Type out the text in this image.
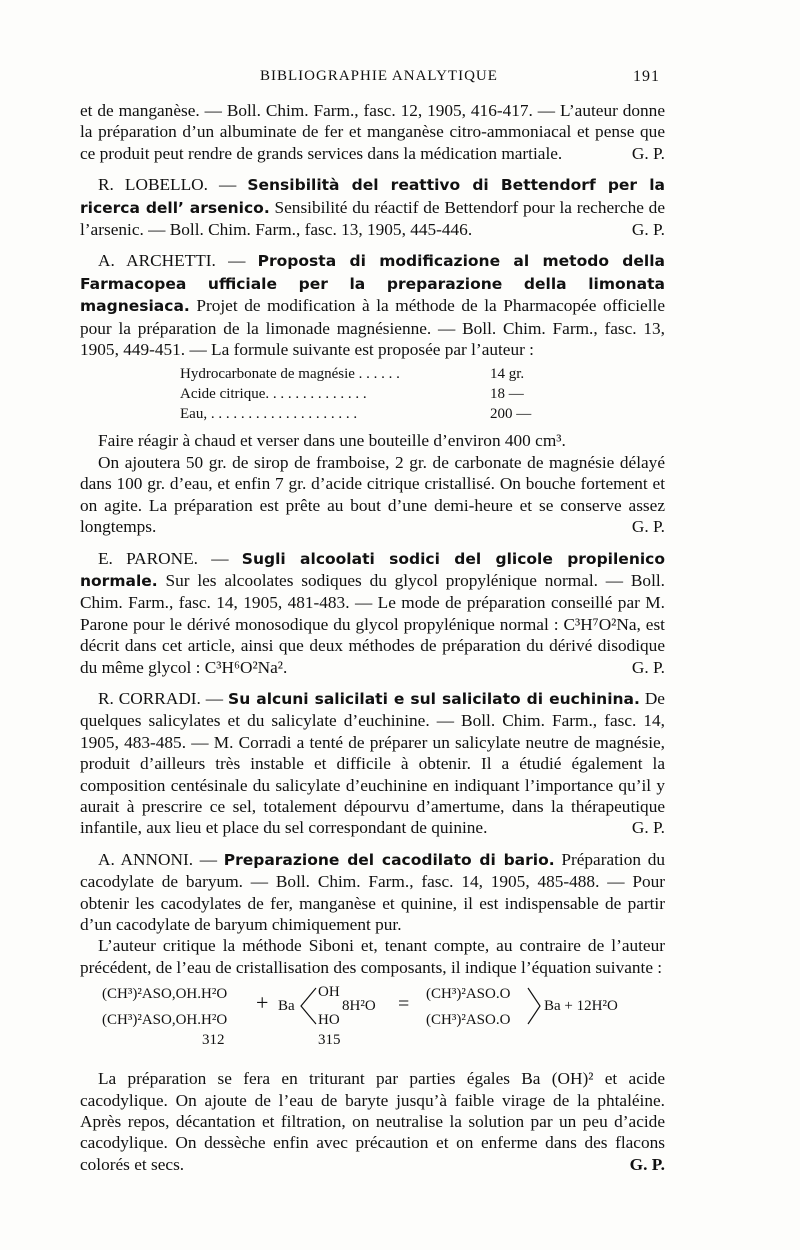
BIBLIOGRAPHIE ANALYTIQUE	191

et de manganèse. — Boll. Chim. Farm., fasc. 12, 1905, 416-417. — L’auteur donne la préparation d’un albuminate de fer et manganèse citro-ammoniacal et pense que ce produit peut rendre de grands services dans la médication martiale.	G. P.

R. LOBELLO. — Sensibilità del reattivo di Bettendorf per la ricerca dell’ arsenico. Sensibilité du réactif de Bettendorf pour la recherche de l’arsenic. — Boll. Chim. Farm., fasc. 13, 1905, 445-446.	G. P.

A. ARCHETTI. — Proposta di modificazione al metodo della Farmacopea ufficiale per la preparazione della limonata magnesiaca. Projet de modification à la méthode de la Pharmacopée officielle pour la préparation de la limonade magnésienne. — Boll. Chim. Farm., fasc. 13, 1905, 449-451. — La formule suivante est proposée par l’auteur :

Hydrocarbonate de magnésie . . . . . .	14 gr.
Acide citrique. . . . . . . . . . . . . .	18 —
Eau, . . . . . . . . . . . . . . . . . . . .	200 —

Faire réagir à chaud et verser dans une bouteille d’environ 400 cm³.

On ajoutera 50 gr. de sirop de framboise, 2 gr. de carbonate de magnésie délayé dans 100 gr. d’eau, et enfin 7 gr. d’acide citrique cristallisé. On bouche fortement et on agite. La préparation est prête au bout d’une demi-heure et se conserve assez longtemps.	G. P.

E. PARONE. — Sugli alcoolati sodici del glicole propilenico normale. Sur les alcoolates sodiques du glycol propylénique normal. — Boll. Chim. Farm., fasc. 14, 1905, 481-483. — Le mode de préparation conseillé par M. Parone pour le dérivé monosodique du glycol propylénique normal : C³H⁷O²Na, est décrit dans cet article, ainsi que deux méthodes de préparation du dérivé disodique du même glycol : C³H⁶O²Na².	G. P.

R. CORRADI. — Su alcuni salicilati e sul salicilato di euchinina. De quelques salicylates et du salicylate d’euchinine. — Boll. Chim. Farm., fasc. 14, 1905, 483-485. — M. Corradi a tenté de préparer un salicylate neutre de magnésie, produit d’ailleurs très instable et difficile à obtenir. Il a étudié également la composition centésinale du salicylate d’euchinine en indiquant l’importance qu’il y aurait à prescrire ce sel, totalement dépourvu d’amertume, dans la thérapeutique infantile, aux lieu et place du sel correspondant de quinine.	G. P.

A. ANNONI. — Preparazione del cacodilato di bario. Préparation du cacodylate de baryum. — Boll. Chim. Farm., fasc. 14, 1905, 485-488. — Pour obtenir les cacodylates de fer, manganèse et quinine, il est indispensable de partir d’un cacodylate de baryum chimiquement pur.

L’auteur critique la méthode Siboni et, tenant compte, au contraire de l’auteur précédent, de l’eau de cristallisation des composants, il indique l’équation suivante :

(CH³)²ASO,OH.H²O
(CH³)²ASO,OH.H²O
312
+ Ba
OH
HO
315
8H²O = (CH³)²ASO.O
(CH³)²ASO.O
Ba + 12H²O

La préparation se fera en triturant par parties égales Ba (OH)² et acide cacodylique. On ajoute de l’eau de baryte jusqu’à faible virage de la phtaléine. Après repos, décantation et filtration, on neutralise la solution par un peu d’acide cacodylique. On dessèche enfin avec précaution et on enferme dans des flacons colorés et secs.	G. P.
